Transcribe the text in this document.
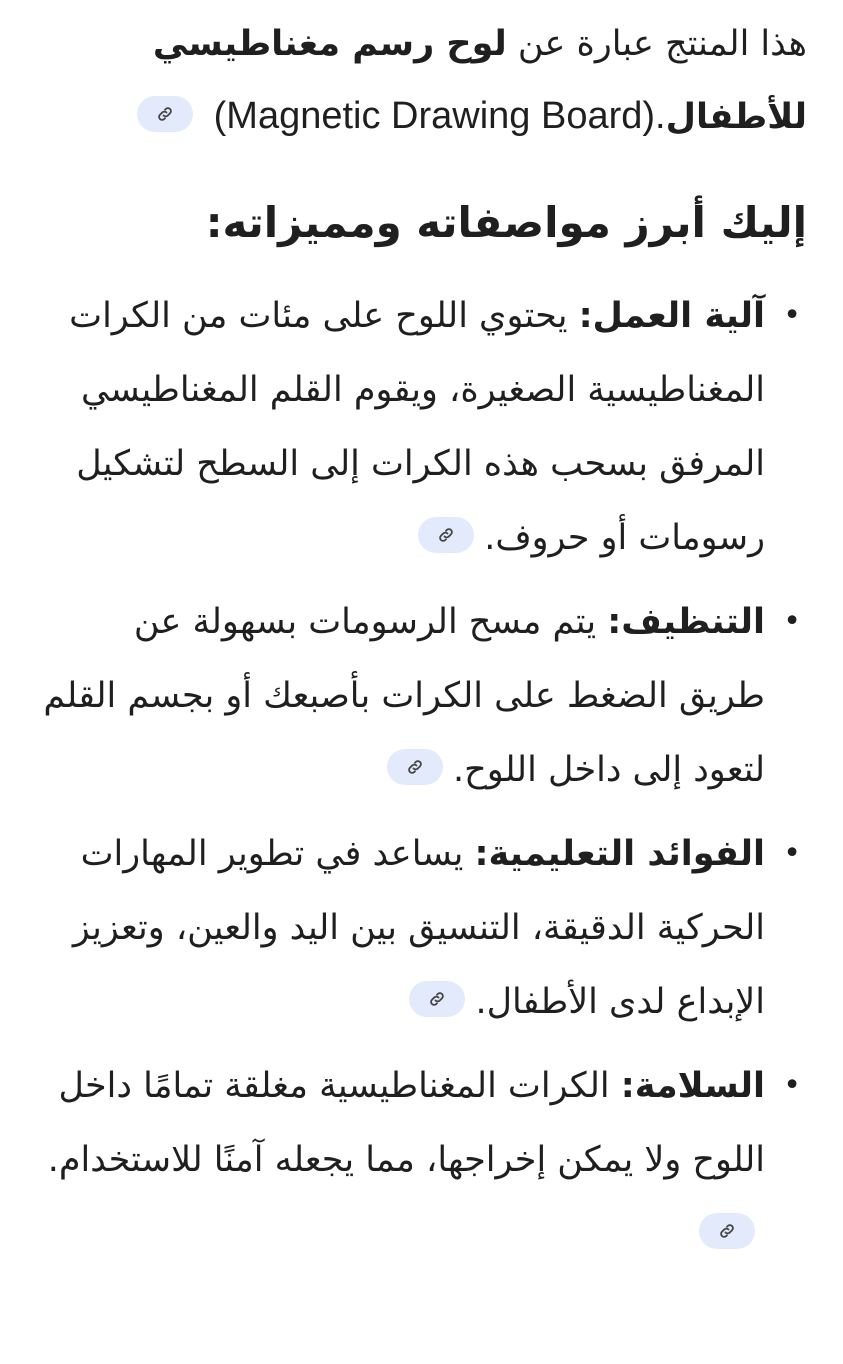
هذا المنتج عبارة عن لوح رسم مغناطيسي للأطفال(Magnetic Drawing Board).

إليك أبرز مواصفاته ومميزاته:
•
آلية العمل: يحتوي اللوح على مئات من الكرات المغناطيسية الصغيرة، ويقوم القلم المغناطيسي المرفق بسحب هذه الكرات إلى السطح لتشكيل رسومات أو حروف.
•
التنظيف: يتم مسح الرسومات بسهولة عن طريق الضغط على الكرات بأصبعك أو بجسم القلم لتعود إلى داخل اللوح.
•
الفوائد التعليمية: يساعد في تطوير المهارات الحركية الدقيقة، التنسيق بين اليد والعين، وتعزيز الإبداع لدى الأطفال.
•
السلامة: الكرات المغناطيسية مغلقة تمامًا داخل اللوح ولا يمكن إخراجها، مما يجعله آمنًا للاستخدام.
